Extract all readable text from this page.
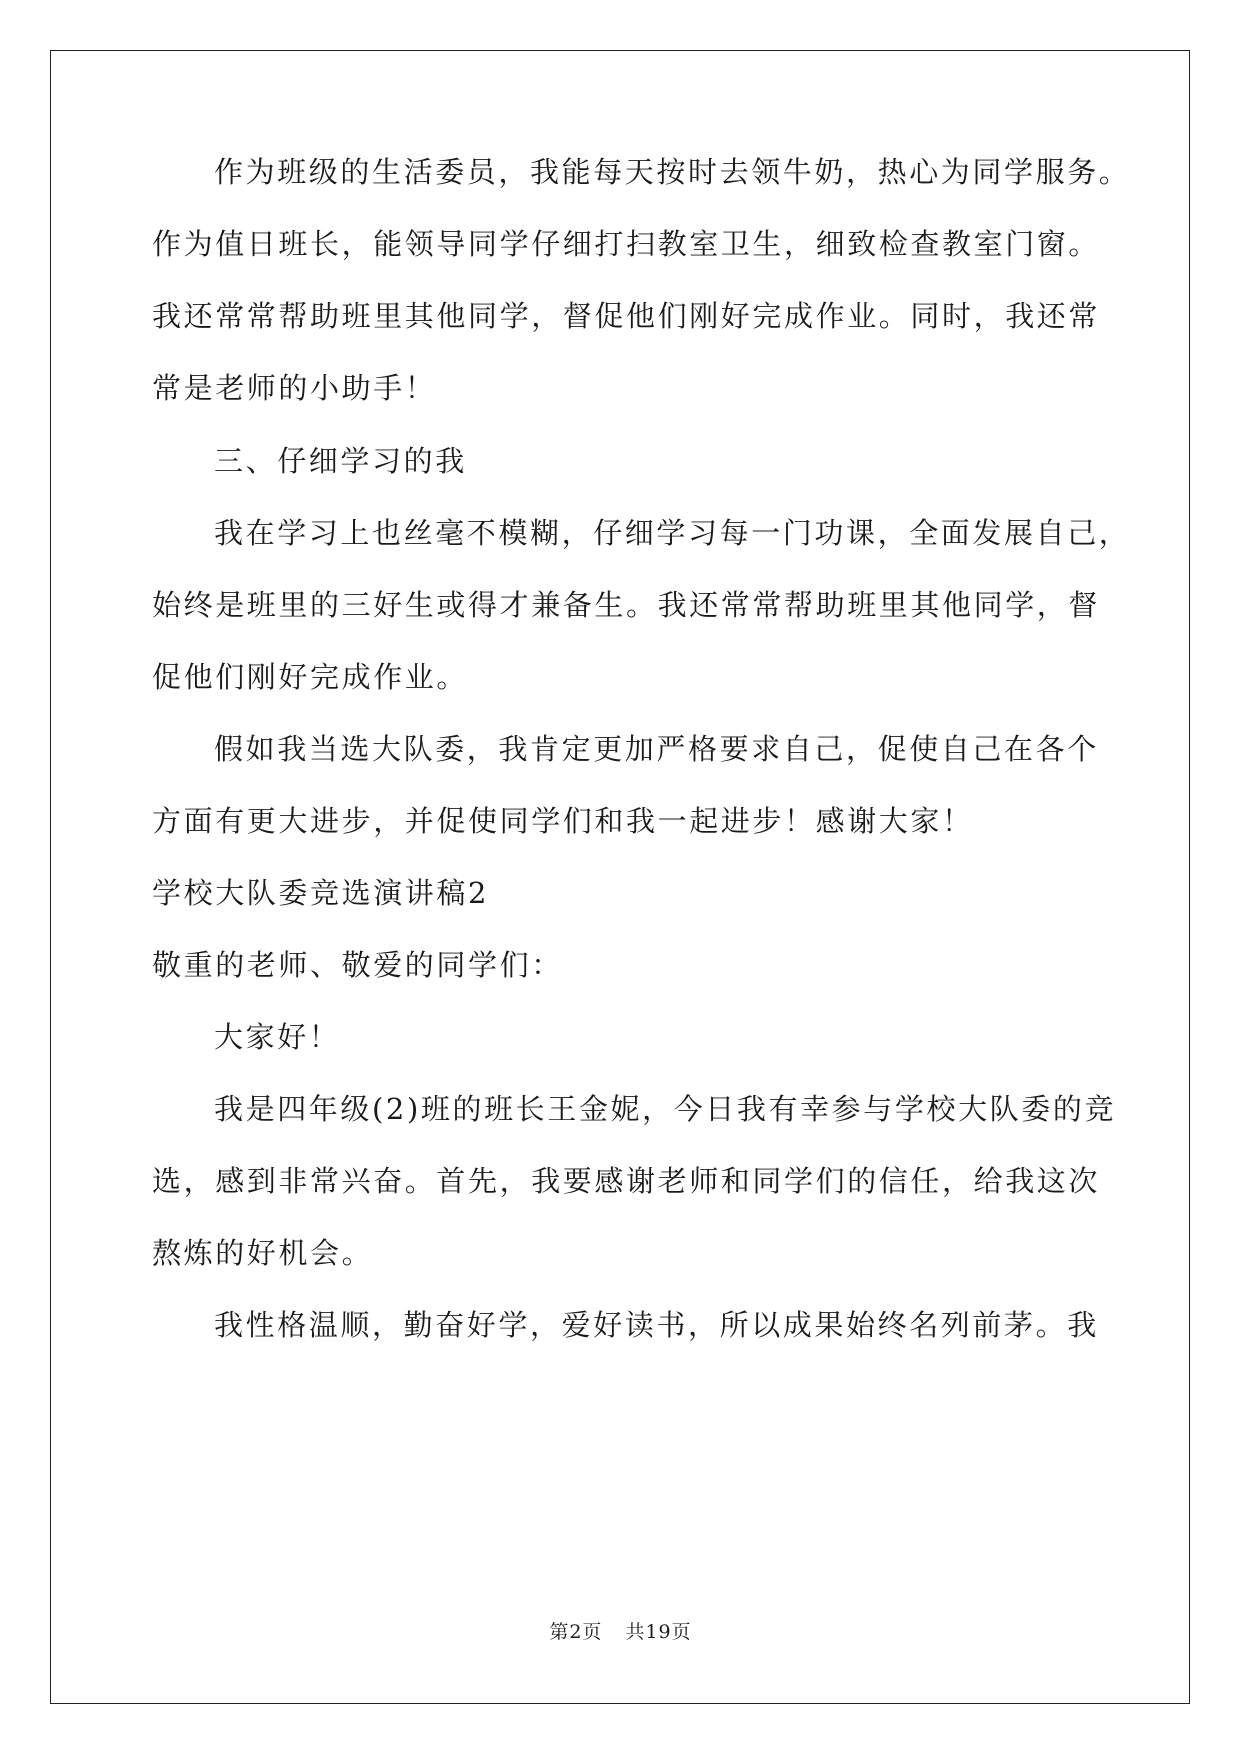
作为班级的生活委员，我能每天按时去领牛奶，热心为同学服务。
作为值日班长，能领导同学仔细打扫教室卫生，细致检查教室门窗。
我还常常帮助班里其他同学，督促他们刚好完成作业。同时，我还常
常是老师的小助手！
三、仔细学习的我
我在学习上也丝毫不模糊，仔细学习每一门功课，全面发展自己，
始终是班里的三好生或得才兼备生。我还常常帮助班里其他同学，督
促他们刚好完成作业。
假如我当选大队委，我肯定更加严格要求自己，促使自己在各个
方面有更大进步，并促使同学们和我一起进步！感谢大家！
学校大队委竞选演讲稿2
敬重的老师、敬爱的同学们：
大家好！
我是四年级(2)班的班长王金妮，今日我有幸参与学校大队委的竞
选，感到非常兴奋。首先，我要感谢老师和同学们的信任，给我这次
熬炼的好机会。
我性格温顺，勤奋好学，爱好读书，所以成果始终名列前茅。我
第2页 共19页
